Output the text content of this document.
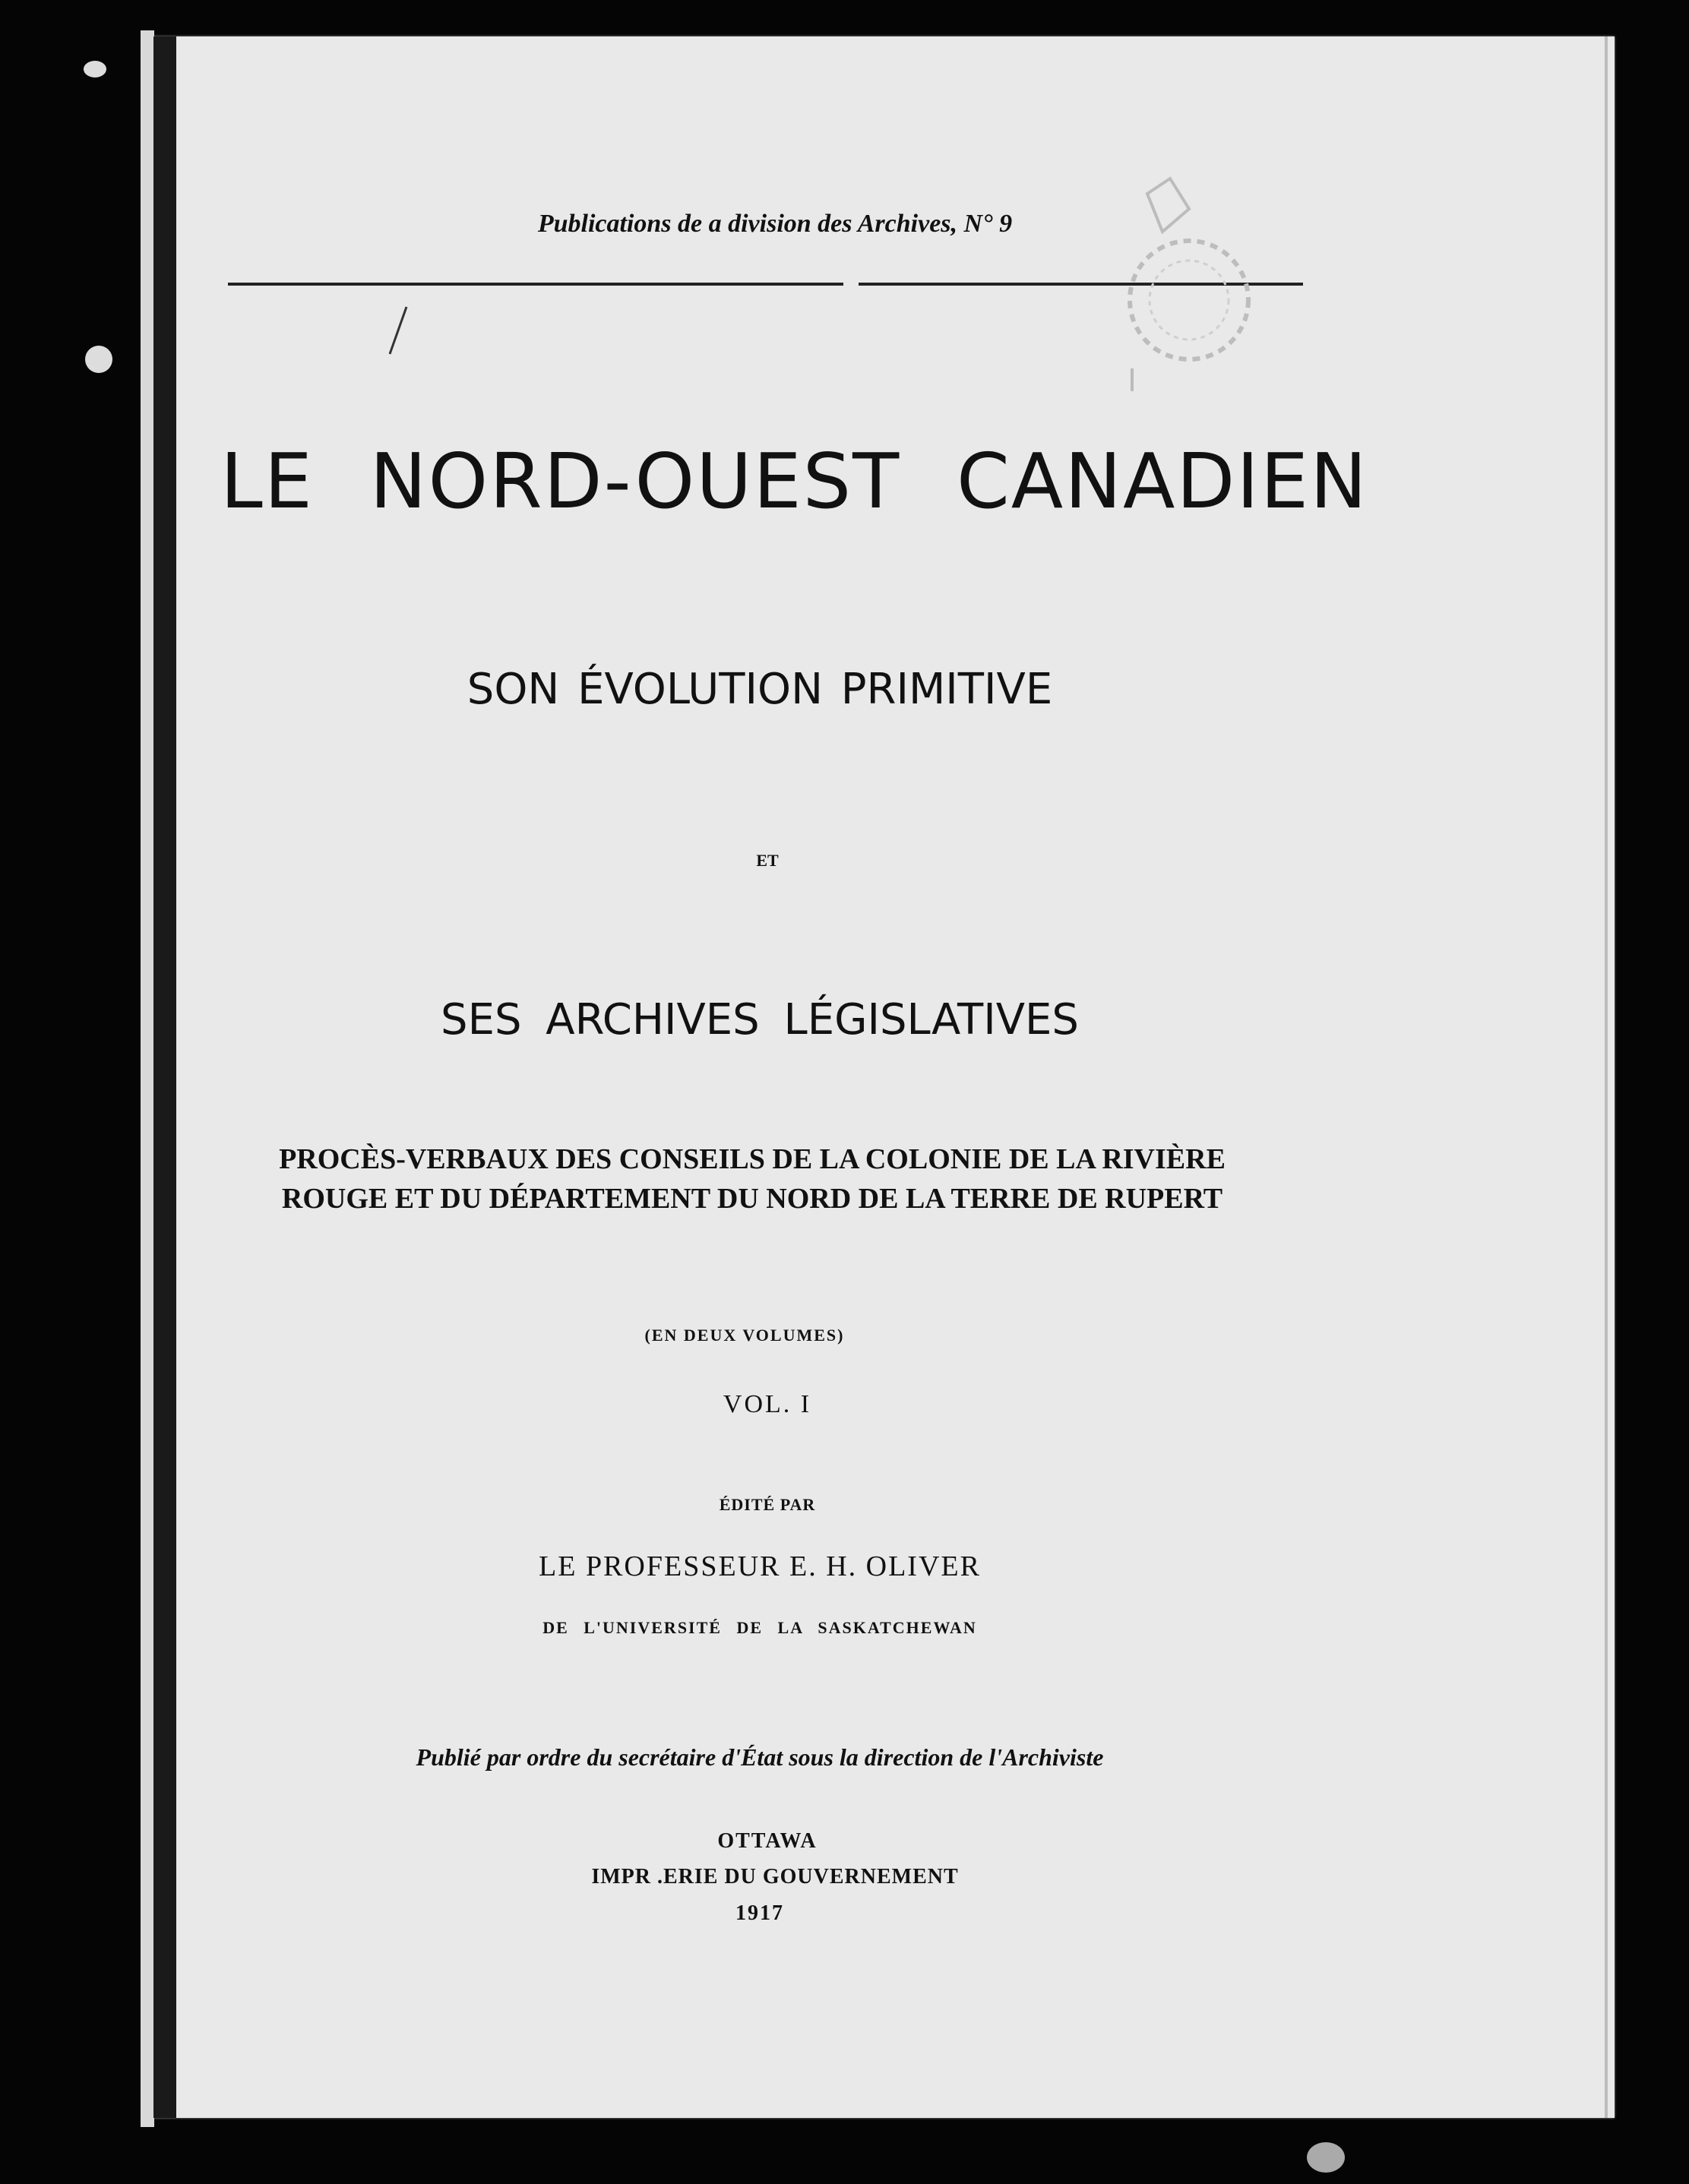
Publications de a division des Archives, N° 9
LE NORD-OUEST CANADIEN
SON ÉVOLUTION PRIMITIVE
ET
SES ARCHIVES LÉGISLATIVES
PROCÈS-VERBAUX DES CONSEILS DE LA COLONIE DE LA RIVIÈRE ROUGE ET DU DÉPARTEMENT DU NORD DE LA TERRE DE RUPERT
(EN DEUX VOLUMES)
VOL. I
ÉDITÉ PAR
LE PROFESSEUR E. H. OLIVER
DE L'UNIVERSITÉ DE LA SASKATCHEWAN
Publié par ordre du secrétaire d'État sous la direction de l'Archiviste
OTTAWA
IMPR .ERIE DU GOUVERNEMENT
1917
